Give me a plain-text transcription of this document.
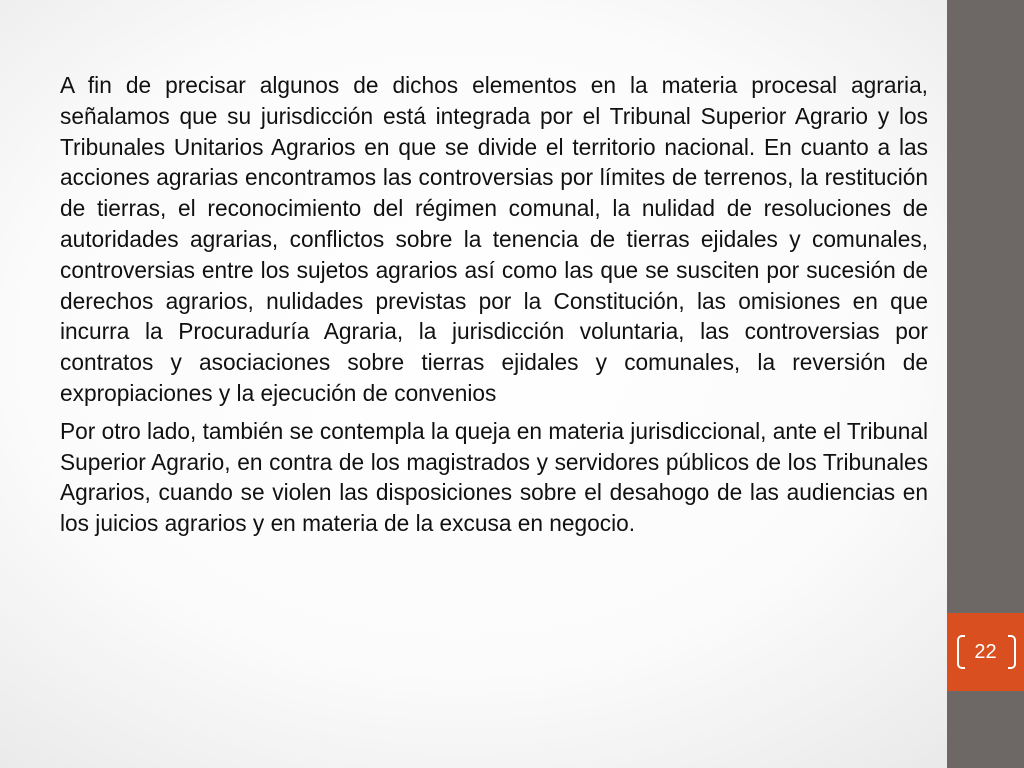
A fin de precisar algunos de dichos elementos en la materia procesal agraria, señalamos que su jurisdicción está integrada por el Tribunal Superior Agrario y los Tribunales Unitarios Agrarios en que se divide el territorio nacional. En cuanto a las acciones agrarias encontramos las controversias por límites de terrenos, la restitución de tierras, el reconocimiento del régimen comunal, la nulidad de resoluciones de autoridades agrarias, conflictos sobre la tenencia de tierras ejidales y comunales, controversias entre los sujetos agrarios así como las que se susciten por sucesión de derechos agrarios, nulidades previstas por la Constitución, las omisiones en que incurra la Procuraduría Agraria, la jurisdicción voluntaria, las controversias por contratos y asociaciones sobre tierras ejidales y comunales, la reversión de expropiaciones y la ejecución de convenios

Por otro lado, también se contempla la queja en materia jurisdiccional, ante el Tribunal Superior Agrario, en contra de los magistrados y servidores públicos de los Tribunales Agrarios, cuando se violen las disposiciones sobre el desahogo de las audiencias en los juicios agrarios y en materia de la excusa en negocio.

22
